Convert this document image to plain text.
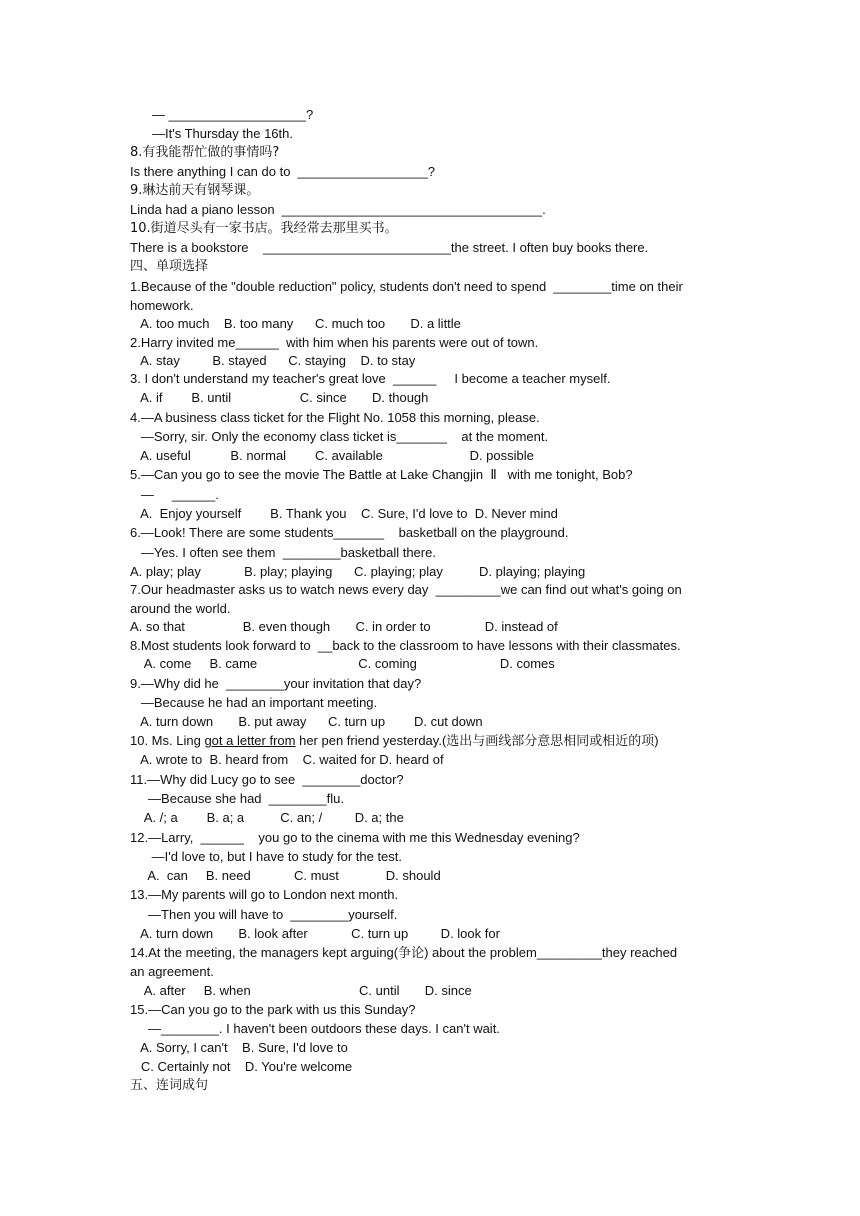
— ___________________?
—It's Thursday the 16th.
8.有我能帮忙做的事情吗?
Is there anything I can do to  __________________?
9.琳达前天有钢琴课。
Linda had a piano lesson  ____________________________________.
10.街道尽头有一家书店。我经常去那里买书。
There is a bookstore    __________________________the street. I often buy books there.
四、单项选择
1.Because of the "double reduction" policy, students don't need to spend  ________time on their
homework.
A. too much    B. too many      C. much too       D. a little
2.Harry invited me______  with him when his parents were out of town.
A. stay         B. stayed      C. staying    D. to stay
3. I don't understand my teacher's great love  ______     I become a teacher myself.
A. if        B. until                   C. since       D. though
4.—A business class ticket for the Flight No. 1058 this morning, please.
—Sorry, sir. Only the economy class ticket is_______    at the moment.
A. useful           B. normal        C. available                        D. possible
5.—Can you go to see the movie The Battle at Lake Changjin  Ⅱ   with me tonight, Bob?
—     ______.
A.  Enjoy yourself        B. Thank you    C. Sure, I'd love to  D. Never mind
6.—Look! There are some students_______    basketball on the playground.
—Yes. I often see them  ________basketball there.
A. play; play            B. play; playing      C. playing; play          D. playing; playing
7.Our headmaster asks us to watch news every day  _________we can find out what's going on
around the world.
A. so that                B. even though       C. in order to               D. instead of
8.Most students look forward to  __back to the classroom to have lessons with their classmates.
A. come     B. came                            C. coming                       D. comes
9.—Why did he  ________your invitation that day?
—Because he had an important meeting.
A. turn down       B. put away      C. turn up        D. cut down
10. Ms. Ling got a letter from her pen friend yesterday.(选出与画线部分意思相同或相近的项)
A. wrote to  B. heard from    C. waited for D. heard of
11.—Why did Lucy go to see  ________doctor?
—Because she had  ________flu.
A. /; a        B. a; a          C. an; /         D. a; the
12.—Larry,  ______    you go to the cinema with me this Wednesday evening?
—I'd love to, but I have to study for the test.
A.  can     B. need            C. must             D. should
13.—My parents will go to London next month.
—Then you will have to  ________yourself.
A. turn down       B. look after            C. turn up         D. look for
14.At the meeting, the managers kept arguing(争论) about the problem_________they reached
an agreement.
A. after     B. when                              C. until       D. since
15.—Can you go to the park with us this Sunday?
—________. I haven't been outdoors these days. I can't wait.
A. Sorry, I can't    B. Sure, I'd love to
C. Certainly not    D. You're welcome
五、连词成句
